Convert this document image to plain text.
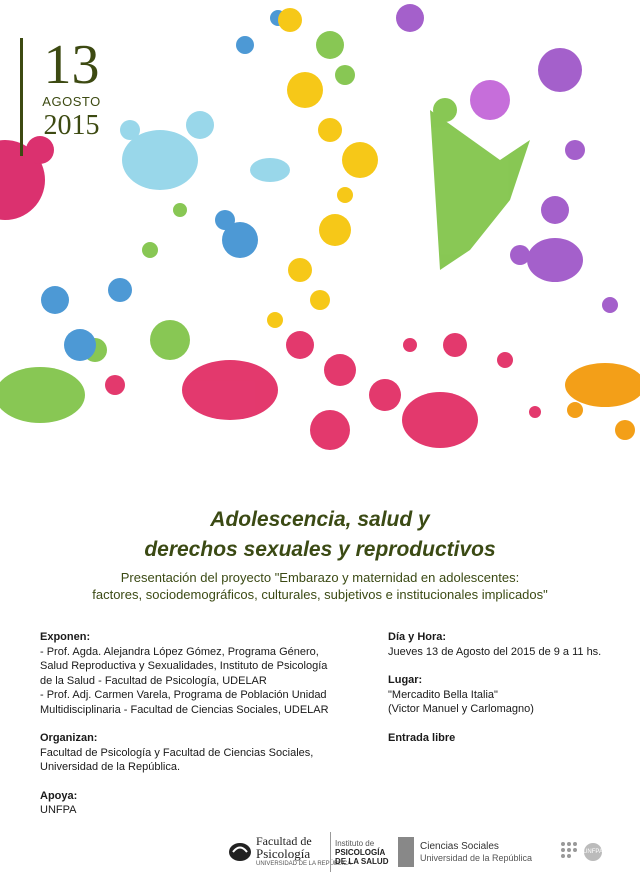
13
AGOSTO
2015
Adolescencia, salud y
derechos sexuales y reproductivos
Presentación del proyecto "Embarazo y maternidad en adolescentes:
factores, sociodemográficos, culturales, subjetivos e institucionales implicados"
Exponen:
- Prof. Agda. Alejandra López Gómez, Programa Género,
Salud Reproductiva y Sexualidades, Instituto de Psicología
de la Salud - Facultad de Psicología, UDELAR
- Prof. Adj. Carmen Varela, Programa de Población Unidad
Multidisciplinaria - Facultad de Ciencias Sociales, UDELAR
Organizan:
Facultad de Psicología y Facultad de Ciencias Sociales,
Universidad de la República.
Apoya:
UNFPA
Día y Hora:
Jueves 13 de Agosto del 2015 de 9 a 11 hs.
Lugar:
"Mercadito Bella Italia"
(Victor Manuel y Carlomagno)
Entrada libre
Facultad de
Psicología
UNIVERSIDAD DE LA REPÚBLICA
Instituto de
PSICOLOGÍA
DE LA SALUD
Ciencias Sociales
Universidad de la República
UNFPA
